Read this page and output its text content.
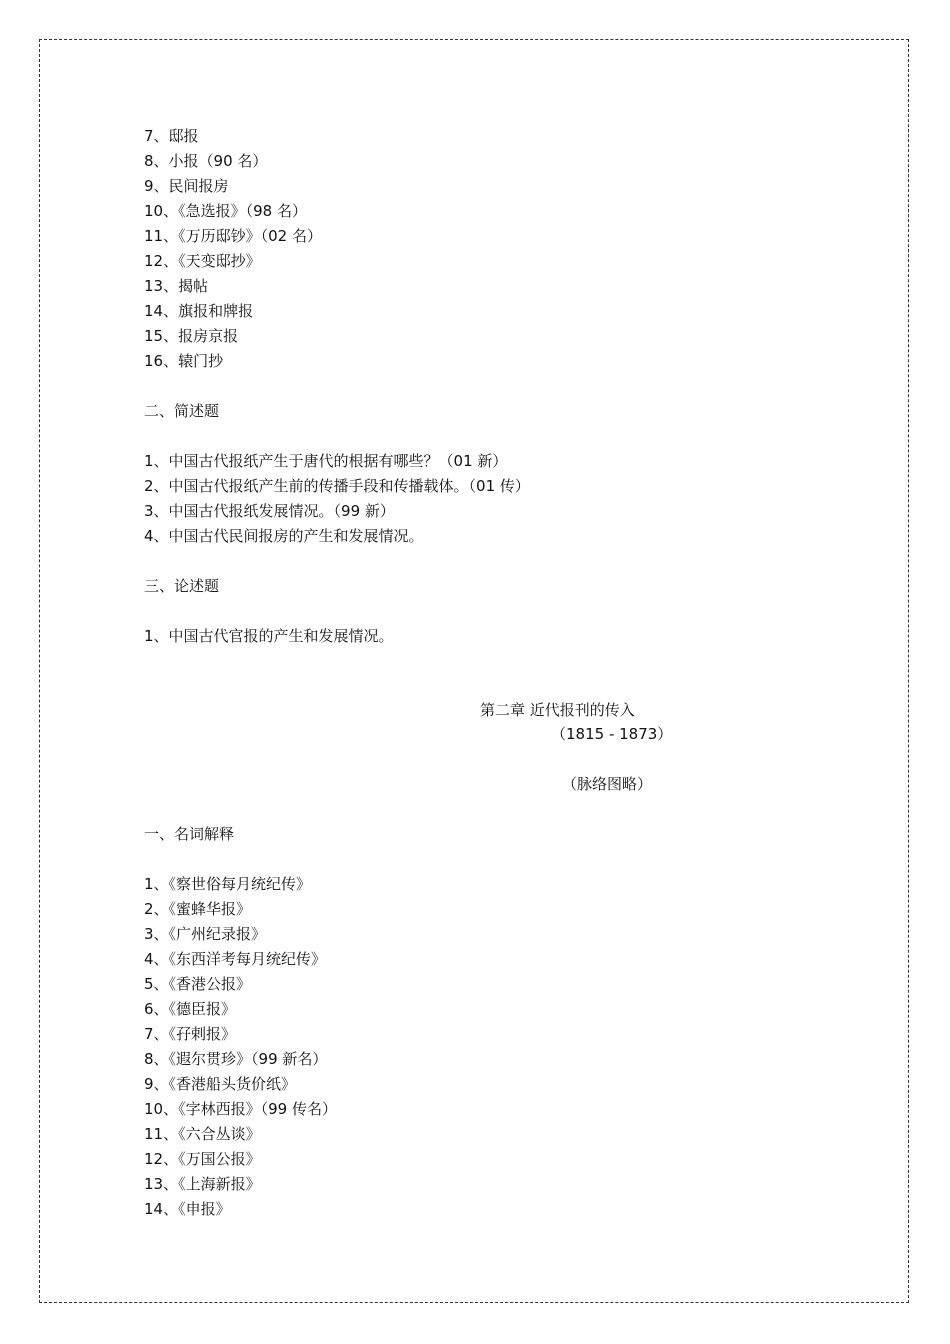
7、邸报
8、小报（90 名）
9、民间报房
10、《急选报》（98 名）
11、《万历邸钞》（02 名）
12、《天变邸抄》
13、揭帖
14、旗报和牌报
15、报房京报
16、辕门抄
二、简述题
1、中国古代报纸产生于唐代的根据有哪些？（01 新）
2、中国古代报纸产生前的传播手段和传播载体。（01 传）
3、中国古代报纸发展情况。（99 新）
4、中国古代民间报房的产生和发展情况。
三、论述题
1、中国古代官报的产生和发展情况。
第二章 近代报刊的传入
（1815 - 1873）
（脉络图略）
一、名词解释
1、《察世俗每月统纪传》
2、《蜜蜂华报》
3、《广州纪录报》
4、《东西洋考每月统纪传》
5、《香港公报》
6、《德臣报》
7、《孖剌报》
8、《遐尔贯珍》（99 新名）
9、《香港船头货价纸》
10、《字林西报》（99 传名）
11、《六合丛谈》
12、《万国公报》
13、《上海新报》
14、《申报》
